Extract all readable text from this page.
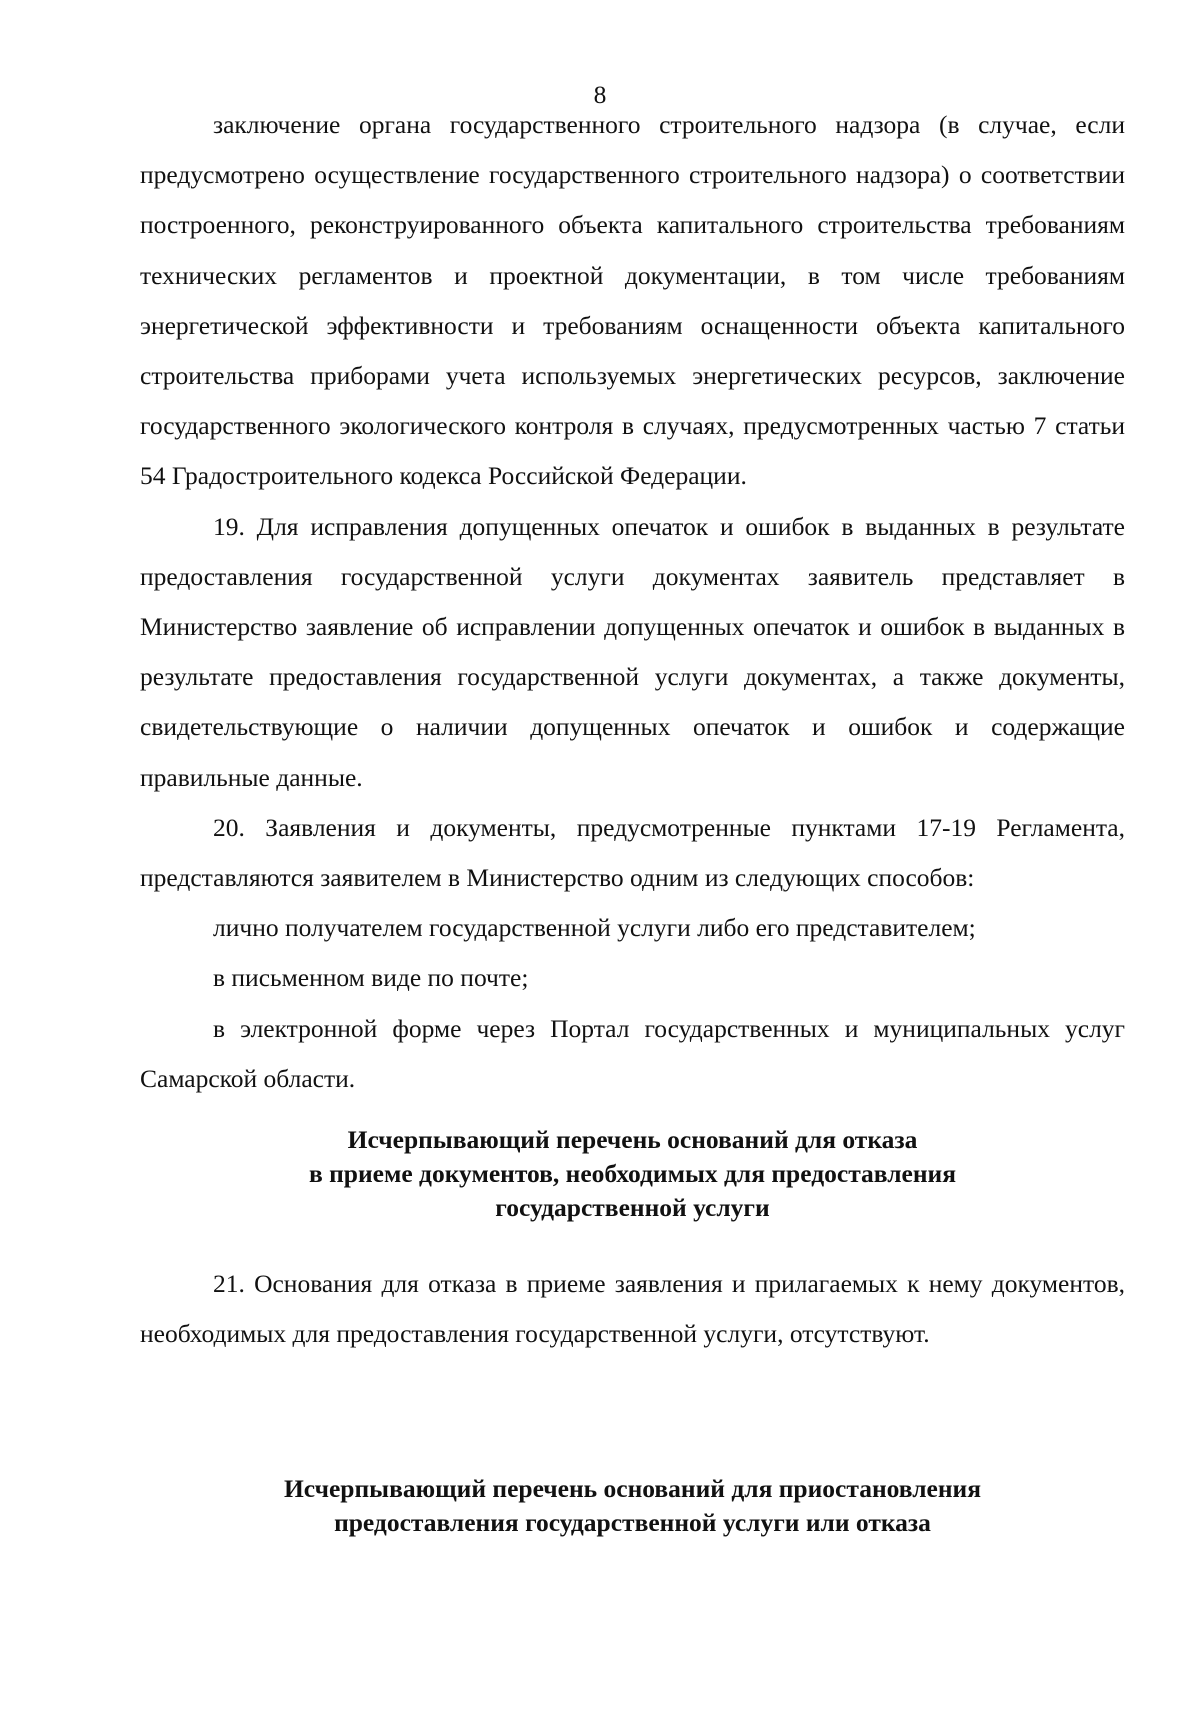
8

заключение органа государственного строительного надзора (в случае, если предусмотрено осуществление государственного строительного надзора) о соответствии построенного, реконструированного объекта капитального строительства требованиям технических регламентов и проектной документации, в том числе требованиям энергетической эффективности и требованиям оснащенности объекта капитального строительства приборами учета используемых энергетических ресурсов, заключение государственного экологического контроля в случаях, предусмотренных частью 7 статьи 54 Градостроительного кодекса Российской Федерации.

19. Для исправления допущенных опечаток и ошибок в выданных в результате предоставления государственной услуги документах заявитель представляет в Министерство заявление об исправлении допущенных опечаток и ошибок в выданных в результате предоставления государственной услуги документах, а также документы, свидетельствующие о наличии допущенных опечаток и ошибок и содержащие правильные данные.

20. Заявления и документы, предусмотренные пунктами 17-19 Регламента, представляются заявителем в Министерство одним из следующих способов:

лично получателем государственной услуги либо его представителем;

в письменном виде по почте;

в электронной форме через Портал государственных и муниципальных услуг Самарской области.

Исчерпывающий перечень оснований для отказа
в приеме документов, необходимых для предоставления
государственной услуги

21. Основания для отказа в приеме заявления и прилагаемых к нему документов, необходимых для предоставления государственной услуги, отсутствуют.

Исчерпывающий перечень оснований для приостановления
предоставления государственной услуги или отказа
